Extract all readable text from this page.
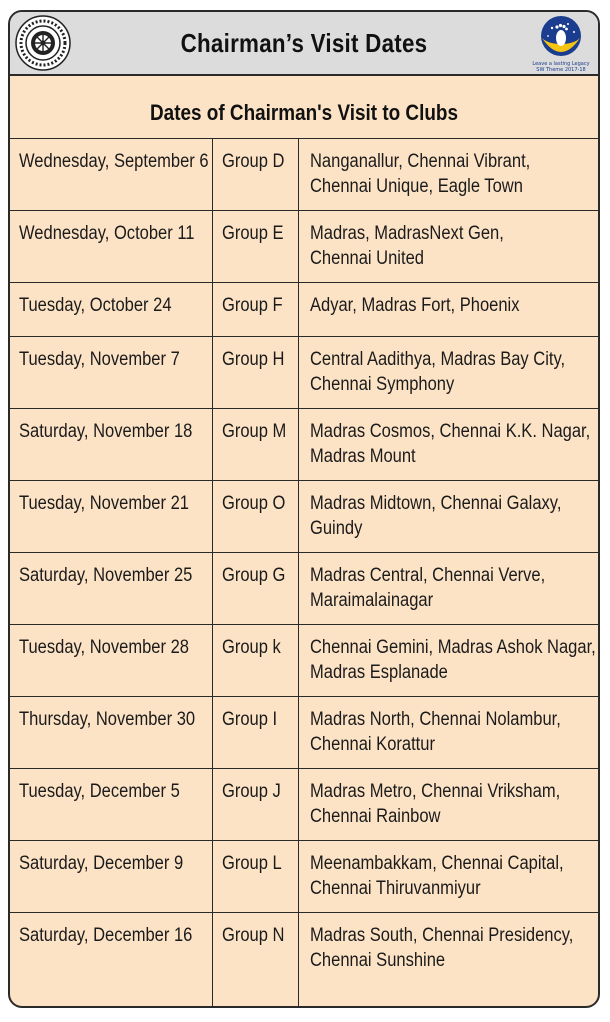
Chairman’s Visit Dates
Leave a lasting Legacy
SW Theme 2017-18
Dates of Chairman's Visit to Clubs
Wednesday, September 6	Group D	Nanganallur, Chennai Vibrant,
Chennai Unique, Eagle Town
Wednesday, October 11	Group E	Madras, MadrasNext Gen,
Chennai United
Tuesday, October 24	Group F	Adyar, Madras Fort, Phoenix
Tuesday, November 7	Group H	Central Aadithya, Madras Bay City,
Chennai Symphony
Saturday, November 18	Group M	Madras Cosmos, Chennai K.K. Nagar,
Madras Mount
Tuesday, November 21	Group O	Madras Midtown, Chennai Galaxy,
Guindy
Saturday, November 25	Group G	Madras Central, Chennai Verve,
Maraimalainagar
Tuesday, November 28	Group k	Chennai Gemini, Madras Ashok Nagar,
Madras Esplanade
Thursday, November 30	Group I	Madras North, Chennai Nolambur,
Chennai Korattur
Tuesday, December 5	Group J	Madras Metro, Chennai Vriksham,
Chennai Rainbow
Saturday, December 9	Group L	Meenambakkam, Chennai Capital,
Chennai Thiruvanmiyur
Saturday, December 16	Group N	Madras South, Chennai Presidency,
Chennai Sunshine
